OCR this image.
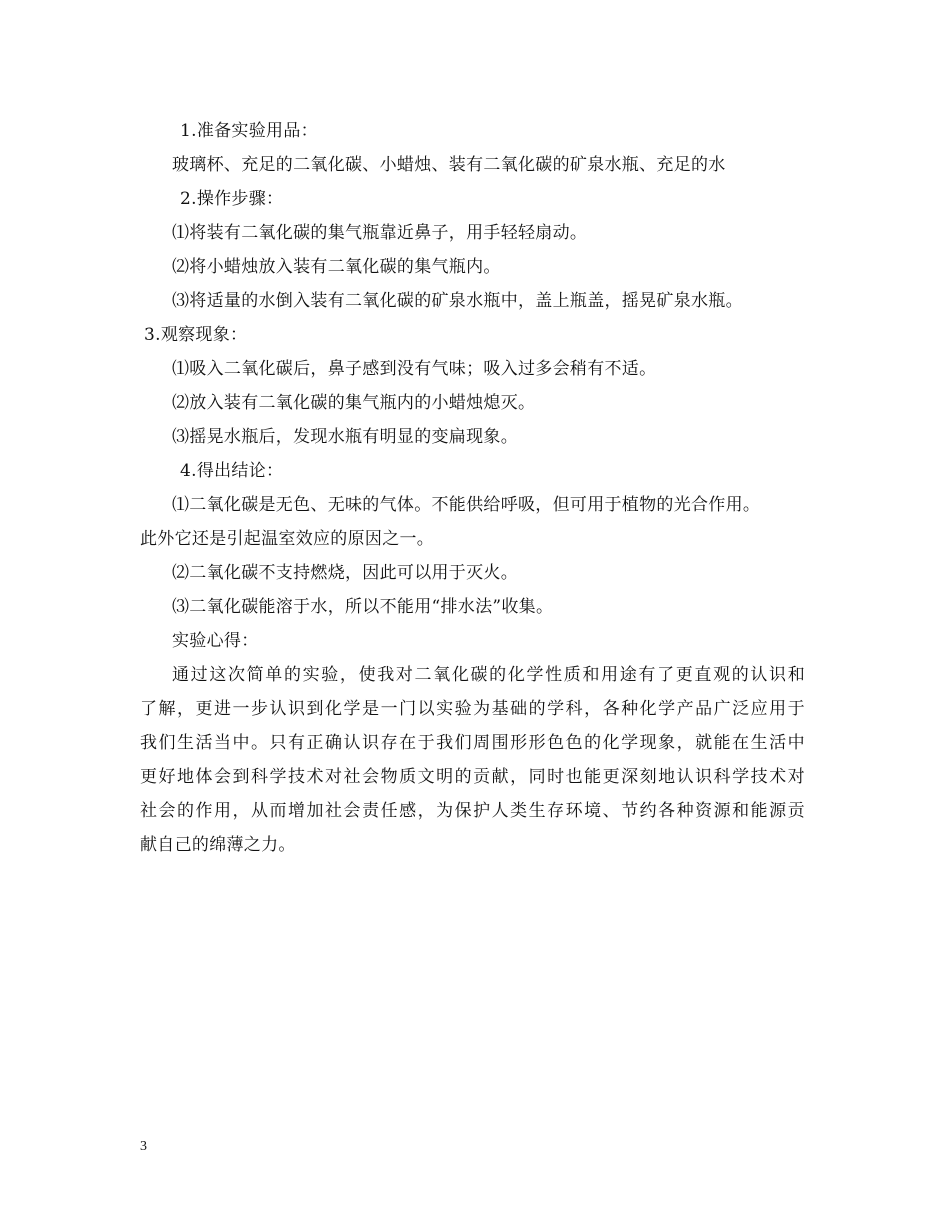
1.准备实验用品：
玻璃杯、充足的二氧化碳、小蜡烛、装有二氧化碳的矿泉水瓶、充足的水
2.操作步骤：
⑴将装有二氧化碳的集气瓶靠近鼻子，用手轻轻扇动。
⑵将小蜡烛放入装有二氧化碳的集气瓶内。
⑶将适量的水倒入装有二氧化碳的矿泉水瓶中，盖上瓶盖，摇晃矿泉水瓶。
3.观察现象：
⑴吸入二氧化碳后，鼻子感到没有气味；吸入过多会稍有不适。
⑵放入装有二氧化碳的集气瓶内的小蜡烛熄灭。
⑶摇晃水瓶后，发现水瓶有明显的变扁现象。
4.得出结论：
⑴二氧化碳是无色、无味的气体。不能供给呼吸，但可用于植物的光合作用。
此外它还是引起温室效应的原因之一。
⑵二氧化碳不支持燃烧，因此可以用于灭火。
⑶二氧化碳能溶于水，所以不能用“排水法”收集。
实验心得：
通过这次简单的实验，使我对二氧化碳的化学性质和用途有了更直观的认识和
了解，更进一步认识到化学是一门以实验为基础的学科，各种化学产品广泛应用于
我们生活当中。只有正确认识存在于我们周围形形色色的化学现象，就能在生活中
更好地体会到科学技术对社会物质文明的贡献，同时也能更深刻地认识科学技术对
社会的作用，从而增加社会责任感，为保护人类生存环境、节约各种资源和能源贡
献自己的绵薄之力。
3
